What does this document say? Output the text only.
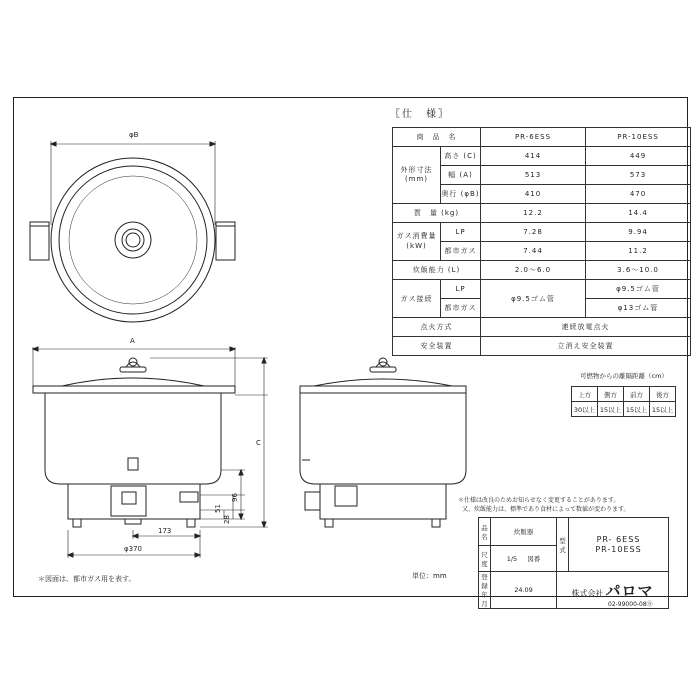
φB
A
C
96
51
28
173
φ370
〖仕　様〗
商　品　名		PR-6ESS	PR-10ESS
外形寸法
(mm)	高さ (C)	414	449
	幅 (A)	513	573
	奥行 (φB)	410	470
質　量 (kg)		12.2	14.4
ガス消費量
(kW)	LP	7.28	9.94
	都市ガス	7.44	11.2
炊飯能力 (L)		2.0～6.0	3.6～10.0
ガス接続	LP	φ9.5ゴム管	φ9.5ゴム管
	都市ガス		φ13ゴム管
点火方式		連続放電点火	
安全装置		立消え安全装置	
可燃物からの離隔距離（cm）
上方	側方	前方	後方
30以上	15以上	15以上	15以上
＊図面は、都市ガス用を表す。	単位：mm
＊仕様は改良のためお知らせなく変更することがあります。
又、炊飯能力は、標準であり食材によって数値が変わります。
品名	炊飯器	型式	PR- 6ESS
PR-10ESS

尺度	1/5 図番		
登録年月	24.09	株式会社 パロマ	
02-99000-08Ⓑ
